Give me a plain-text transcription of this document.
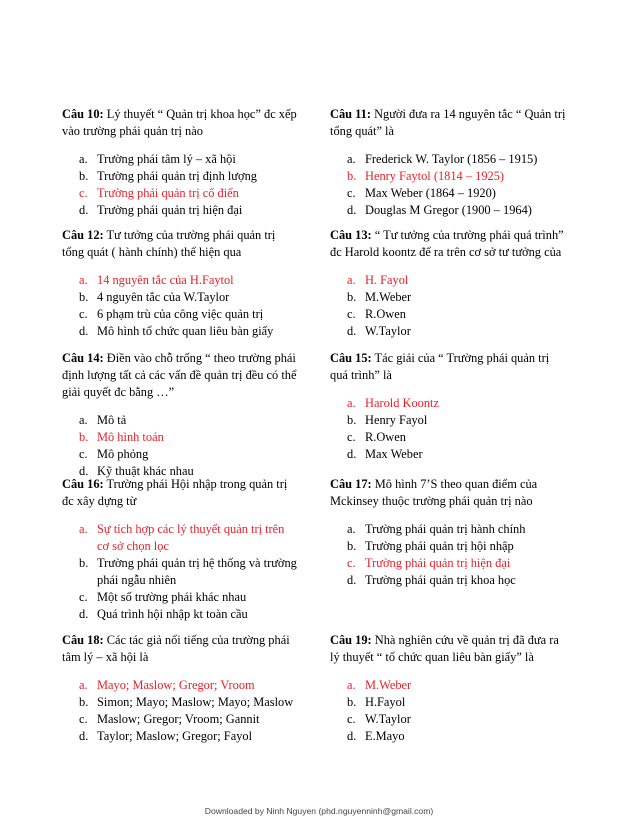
Câu 10: Lý thuyết “ Quản trị khoa học” đc xếp vào trường phái quản trị nào
a. Trường phái tâm lý – xã hội
b. Trường phái quản trị định lượng
c. Trường phái quản trị cổ điển
d. Trường phái quản trị hiện đại
Câu 11: Người đưa ra 14 nguyên tắc “ Quản trị tổng quát” là
a. Frederick W. Taylor (1856 – 1915)
b. Henry Faytol (1814 – 1925)
c. Max Weber (1864 – 1920)
d. Douglas M Gregor (1900 – 1964)
Câu 12: Tư tưởng của trường phái quản trị tổng quát ( hành chính) thể hiện qua
a. 14 nguyên tắc của H.Faytol
b. 4 nguyên tắc của W.Taylor
c. 6 phạm trù của công việc quản trị
d. Mô hình tổ chức quan liêu bàn giấy
Câu 13: “ Tư tưởng của trường phái quá trình” đc Harold koontz để ra trên cơ sở tư tưởng của
a. H. Fayol
b. M.Weber
c. R.Owen
d. W.Taylor
Câu 14: Điền vào chỗ trống “ theo trường phái định lượng tất cả các vấn đề quản trị đều có thể giải quyết đc bằng …”
a. Mô tả
b. Mô hình toán
c. Mô phỏng
d. Kỹ thuật khác nhau
Câu 15: Tác giải của “ Trường phái quản trị quá trình” là
a. Harold Koontz
b. Henry Fayol
c. R.Owen
d. Max Weber
Câu 16: Trường phái Hội nhập trong quản trị đc xây dựng từ
a. Sự tích hợp các lý thuyết quản trị trên cơ sở chọn lọc
b. Trường phái quản trị hệ thống và trường phái ngẫu nhiên
c. Một số trường phái khác nhau
d. Quá trình hội nhập kt toàn cầu
Câu 17: Mô hình 7’S theo quan điểm của Mckinsey thuộc trường phái quản trị nào
a. Trường phái quản trị hành chính
b. Trường phái quản trị hội nhập
c. Trường phái quản trị hiện đại
d. Trường phái quản trị khoa học
Câu 18: Các tác giả nổi tiếng của trường phái tâm lý – xã hội là
a. Mayo; Maslow; Gregor; Vroom
b. Simon; Mayo; Maslow; Mayo; Maslow
c. Maslow; Gregor; Vroom; Gannit
d. Taylor; Maslow; Gregor; Fayol
Câu 19: Nhà nghiên cứu về quản trị đã đưa ra lý thuyết “ tổ chức quan liêu bàn giấy” là
a. M.Weber
b. H.Fayol
c. W.Taylor
d. E.Mayo
Downloaded by Ninh Nguyen (phd.nguyenninh@gmail.com)
